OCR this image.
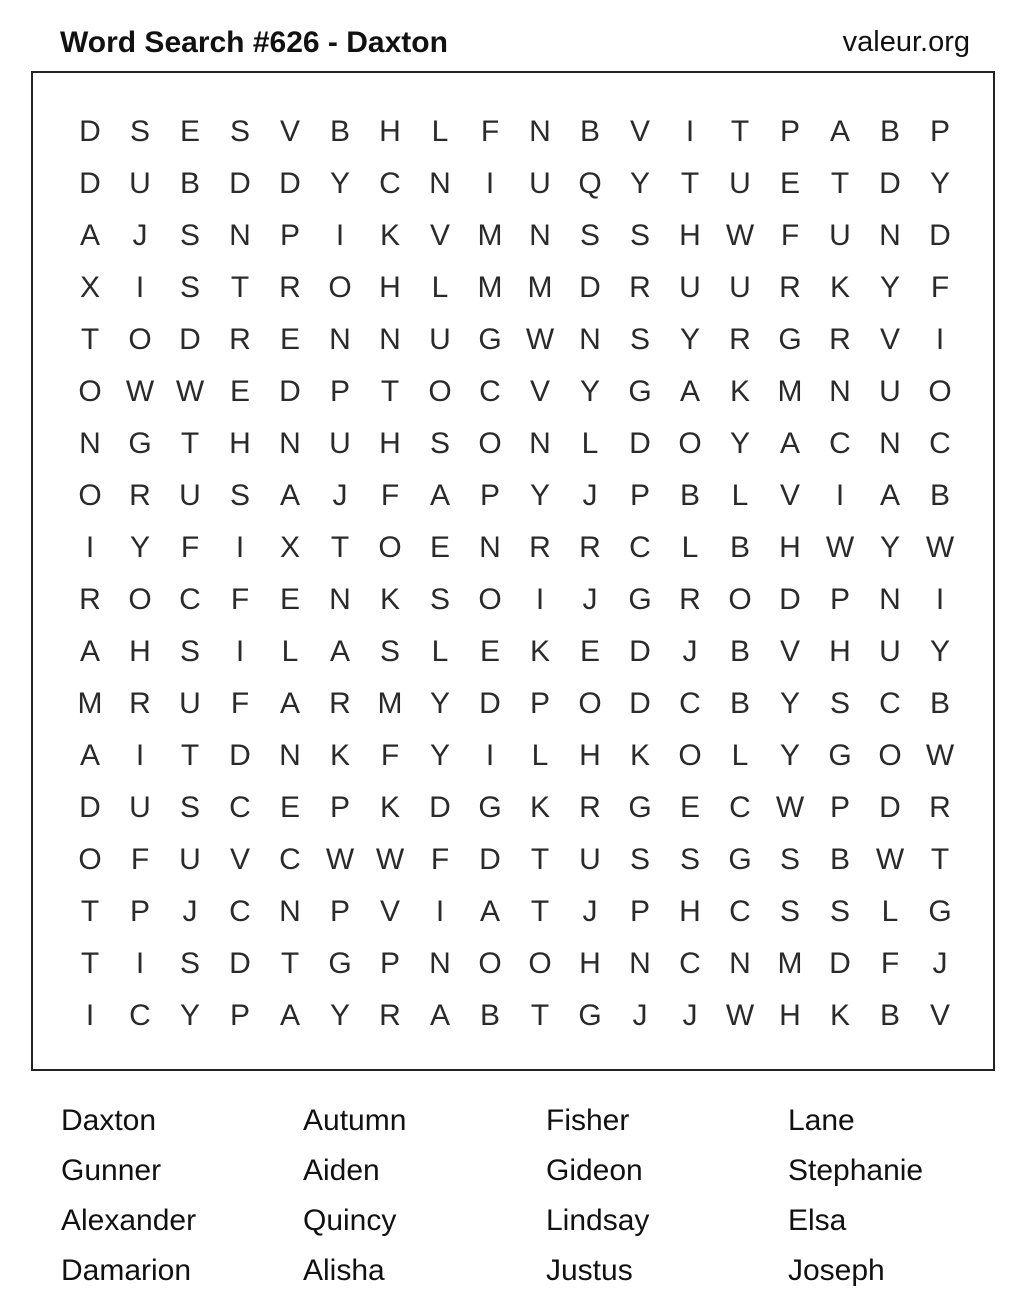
Word Search #626 - Daxton	valeur.org
D S E S V B H	L	F	N B V	I	T	P A B P
D U B D D Y C N	I	U Q Y	T	U E	T	D Y
A	J	S N P	I	K V M N S S H W F	U N D
X	I	S	T	R O H	L M M D R U U R K Y	F
T O D R E N N U G W N S Y R G R V	I
O W W E D P	T O C V Y G A K M N U O
N G T	H N U H S O N	L	D O Y A C N C
O R U S A	J	F	A P Y	J	P B	L	V	I	A B
I	Y	F	I	X	T O E N R R C	L	B H W Y W
R O C	F	E N K S O	I	J	G R O D P N	I
A H S	I	L	A S	L	E K E D	J	B V H U Y
M R U	F	A R M Y D P O D C B Y S C B
A	I	T	D N K	F	Y	I	L	H K O L	Y G O W
D U S C E P K D G K R G E C W P D R
O F	U V C W W F	D	T	U S S G S B W T
T	P	J	C N P V	I	A	T	J	P H C S S	L G
T	I	S D	T G P N O O H N C N M D	F	J
I	C Y P A Y R A B	T G	J	J W H K B V
Daxton	Autumn	Fisher	Lane
Gunner	Aiden	Gideon	Stephanie
Alexander	Quincy	Lindsay	Elsa
Damarion	Alisha	Justus	Joseph
